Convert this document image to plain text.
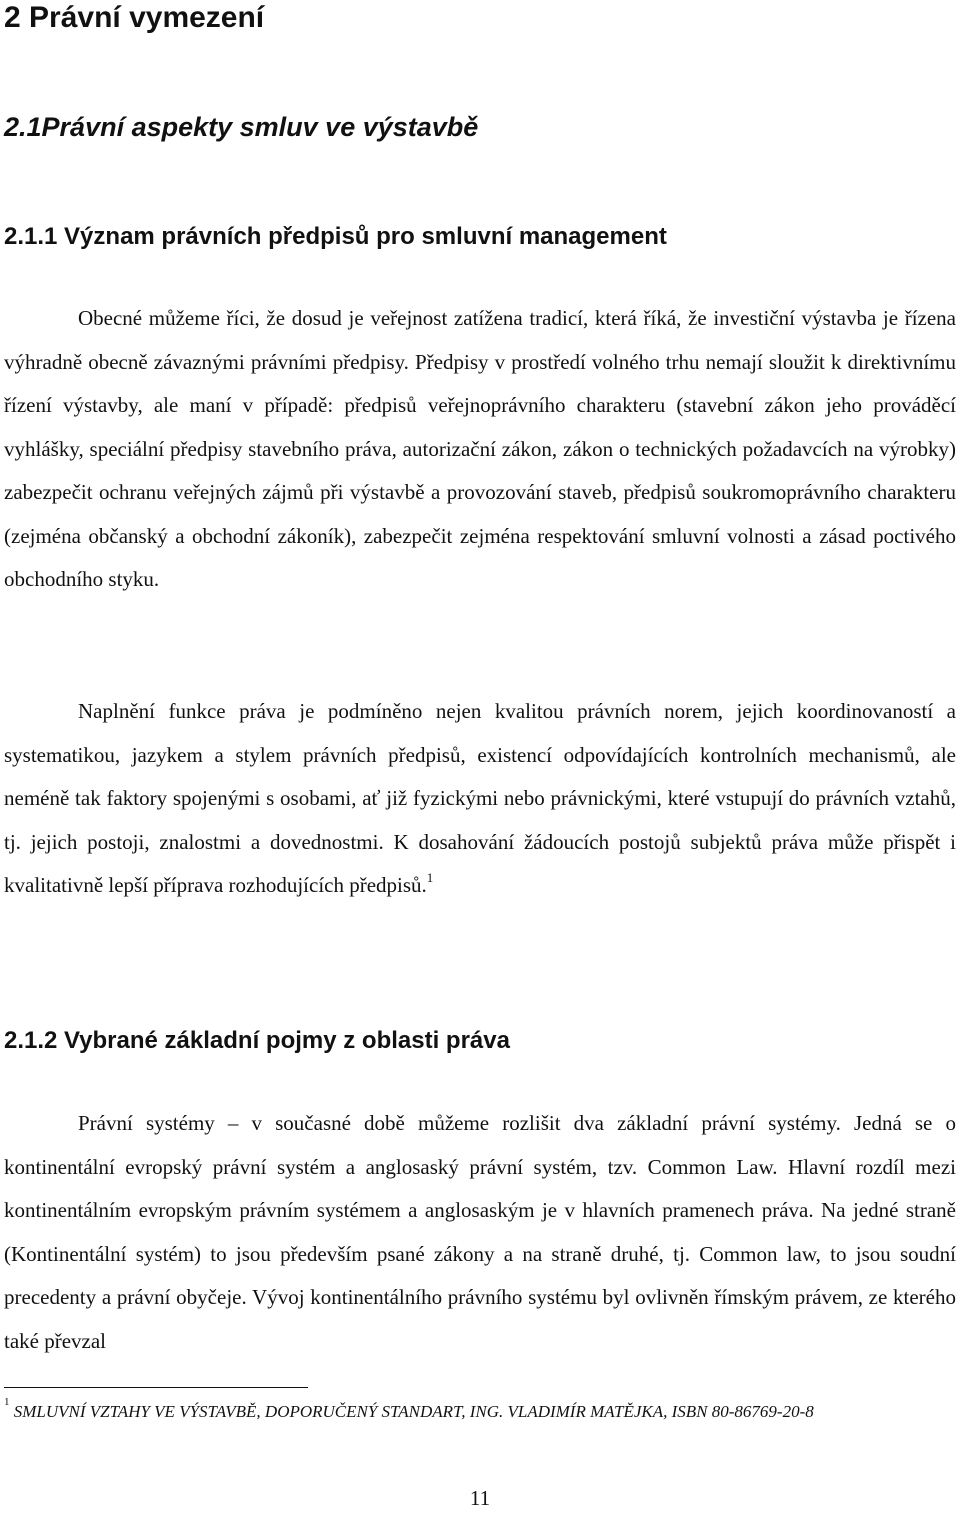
2 Právní vymezení
2.1Právní aspekty smluv ve výstavbě
2.1.1 Význam právních předpisů pro smluvní management

Obecné můžeme říci, že dosud je veřejnost zatížena tradicí, která říká, že investiční výstavba je řízena výhradně obecně závaznými právními předpisy. Předpisy v prostředí volného trhu nemají sloužit k direktivnímu řízení výstavby, ale maní v případě: předpisů veřejnoprávního charakteru (stavební zákon jeho prováděcí vyhlášky, speciální předpisy stavebního práva, autorizační zákon, zákon o technických požadavcích na výrobky) zabezpečit ochranu veřejných zájmů při výstavbě a provozování staveb, předpisů soukromoprávního charakteru (zejména občanský a obchodní zákoník), zabezpečit zejména respektování smluvní volnosti a zásad poctivého obchodního styku.

Naplnění funkce práva je podmíněno nejen kvalitou právních norem, jejich koordinovaností a systematikou, jazykem a stylem právních předpisů, existencí odpovídajících kontrolních mechanismů, ale neméně tak faktory spojenými s osobami, ať již fyzickými nebo právnickými, které vstupují do právních vztahů, tj. jejich postoji, znalostmi a dovednostmi. K dosahování žádoucích postojů subjektů práva může přispět i kvalitativně lepší příprava rozhodujících předpisů.$^1$

2.1.2 Vybrané základní pojmy z oblasti práva

Právní systémy – v současné době můžeme rozlišit dva základní právní systémy. Jedná se o kontinentální evropský právní systém a anglosaský právní systém, tzv. Common Law. Hlavní rozdíl mezi kontinentálním evropským právním systémem a anglosaským je v hlavních pramenech práva. Na jedné straně (Kontinentální systém) to jsou především psané zákony a na straně druhé, tj. Common law, to jsou soudní precedenty a právní obyčeje. Vývoj kontinentálního právního systému byl ovlivněn římským právem, ze kterého také převzal

$^1$ SMLUVNÍ VZTAHY VE VÝSTAVBĚ, DOPORUČENÝ STANDART, ING. VLADIMÍR MATĚJKA, ISBN 80-86769-20-8

11
